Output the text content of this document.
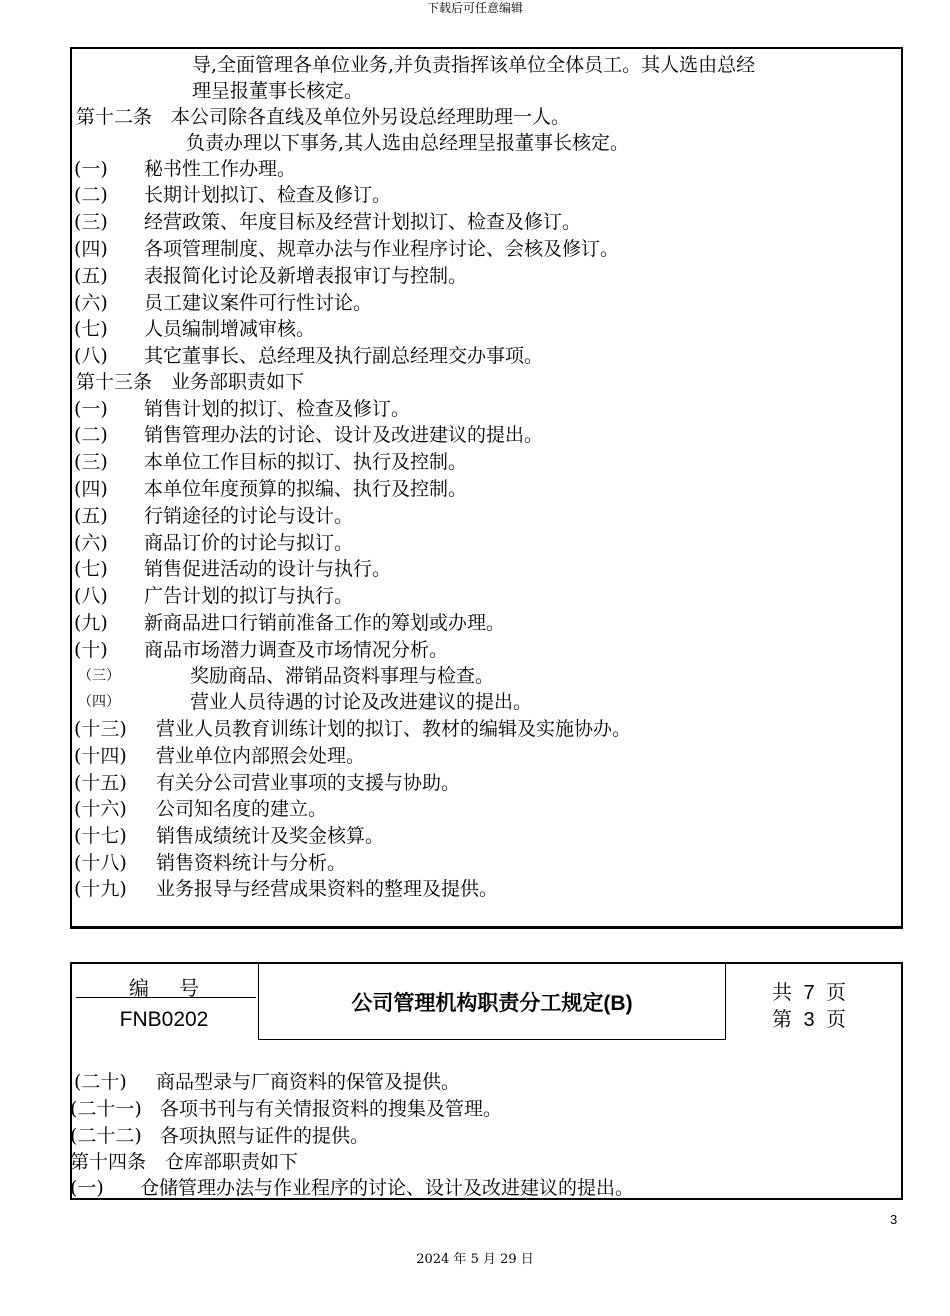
下载后可任意编辑
导,全面管理各单位业务,并负责指挥该单位全体员工。其人选由总经
理呈报董事长核定。
第十二条　本公司除各直线及单位外另设总经理助理一人。
负责办理以下事务,其人选由总经理呈报董事长核定。
(一) 秘书性工作办理。
(二) 长期计划拟订、检查及修订。
(三) 经营政策、年度目标及经营计划拟订、检查及修订。
(四) 各项管理制度、规章办法与作业程序讨论、会核及修订。
(五) 表报简化讨论及新增表报审订与控制。
(六) 员工建议案件可行性讨论。
(七) 人员编制增减审核。
(八) 其它董事长、总经理及执行副总经理交办事项。
第十三条　业务部职责如下
(一) 销售计划的拟订、检查及修订。
(二) 销售管理办法的讨论、设计及改进建议的提出。
(三) 本单位工作目标的拟订、执行及控制。
(四) 本单位年度预算的拟编、执行及控制。
(五) 行销途径的讨论与设计。
(六) 商品订价的讨论与拟订。
(七) 销售促进活动的设计与执行。
(八) 广告计划的拟订与执行。
(九) 新商品进口行销前准备工作的筹划或办理。
(十) 商品市场潜力调查及市场情况分析。
（三）	奖励商品、滞销品资料事理与检查。
（四）	营业人员待遇的讨论及改进建议的提出。
(十三) 营业人员教育训练计划的拟订、教材的编辑及实施协办。
(十四) 营业单位内部照会处理。
(十五) 有关分公司营业事项的支援与协助。
(十六) 公司知名度的建立。
(十七) 销售成绩统计及奖金核算。
(十八) 销售资料统计与分析。
(十九) 业务报导与经营成果资料的整理及提供。
编号
FNB0202
公司管理机构职责分工规定(B)	共 7 页
第 3 页
(二十) 商品型录与厂商资料的保管及提供。
(二十一) 各项书刊与有关情报资料的搜集及管理。
(二十二) 各项执照与证件的提供。
第十四条　仓库部职责如下
(一) 仓储管理办法与作业程序的讨论、设计及改进建议的提出。
3
2024 年 5 月 29 日
